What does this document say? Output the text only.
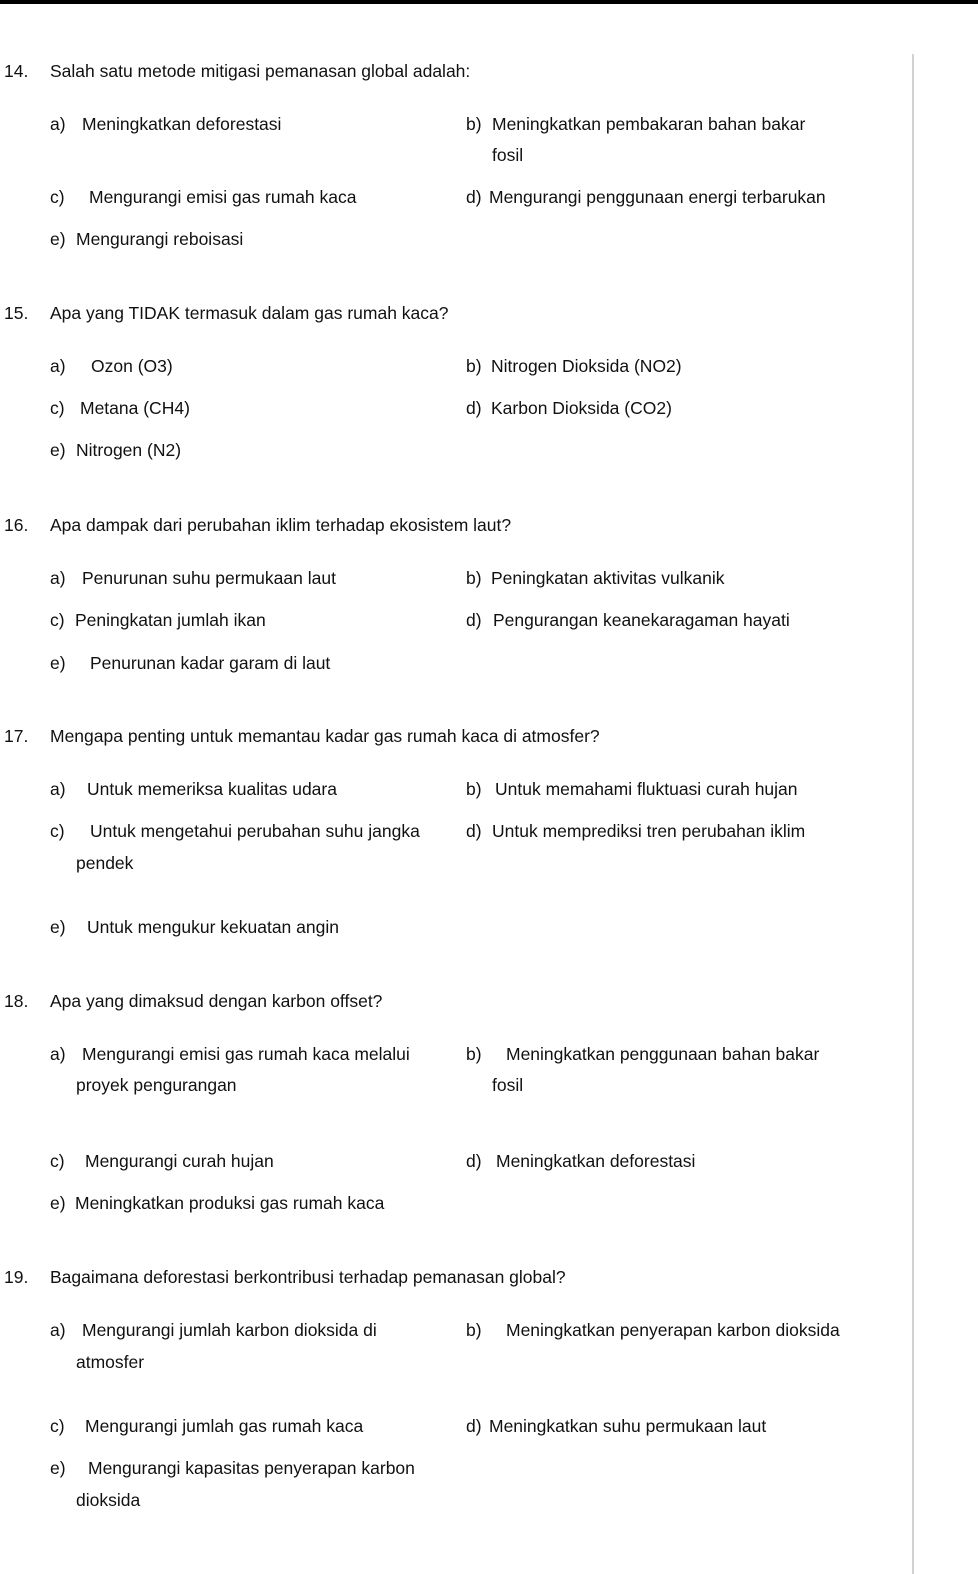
14. Salah satu metode mitigasi pemanasan global adalah:
a) Meningkatkan deforestasi	b) Meningkatkan pembakaran bahan bakar
fosil
c) Mengurangi emisi gas rumah kaca	d) Mengurangi penggunaan energi terbarukan
e) Mengurangi reboisasi
15. Apa yang TIDAK termasuk dalam gas rumah kaca?
a) Ozon (O3)	b) Nitrogen Dioksida (NO2)
c) Metana (CH4)	d) Karbon Dioksida (CO2)
e) Nitrogen (N2)
16. Apa dampak dari perubahan iklim terhadap ekosistem laut?
a) Penurunan suhu permukaan laut	b) Peningkatan aktivitas vulkanik
c) Peningkatan jumlah ikan	d) Pengurangan keanekaragaman hayati
e) Penurunan kadar garam di laut
17. Mengapa penting untuk memantau kadar gas rumah kaca di atmosfer?
a) Untuk memeriksa kualitas udara	b) Untuk memahami fluktuasi curah hujan
c) Untuk mengetahui perubahan suhu jangka
pendek
d) Untuk memprediksi tren perubahan iklim
e) Untuk mengukur kekuatan angin
18. Apa yang dimaksud dengan karbon offset?
a) Mengurangi emisi gas rumah kaca melalui
proyek pengurangan
b) Meningkatkan penggunaan bahan bakar
fosil
c) Mengurangi curah hujan	d) Meningkatkan deforestasi
e) Meningkatkan produksi gas rumah kaca
19. Bagaimana deforestasi berkontribusi terhadap pemanasan global?
a) Mengurangi jumlah karbon dioksida di
atmosfer
b) Meningkatkan penyerapan karbon dioksida
c) Mengurangi jumlah gas rumah kaca	d) Meningkatkan suhu permukaan laut
e) Mengurangi kapasitas penyerapan karbon
dioksida
